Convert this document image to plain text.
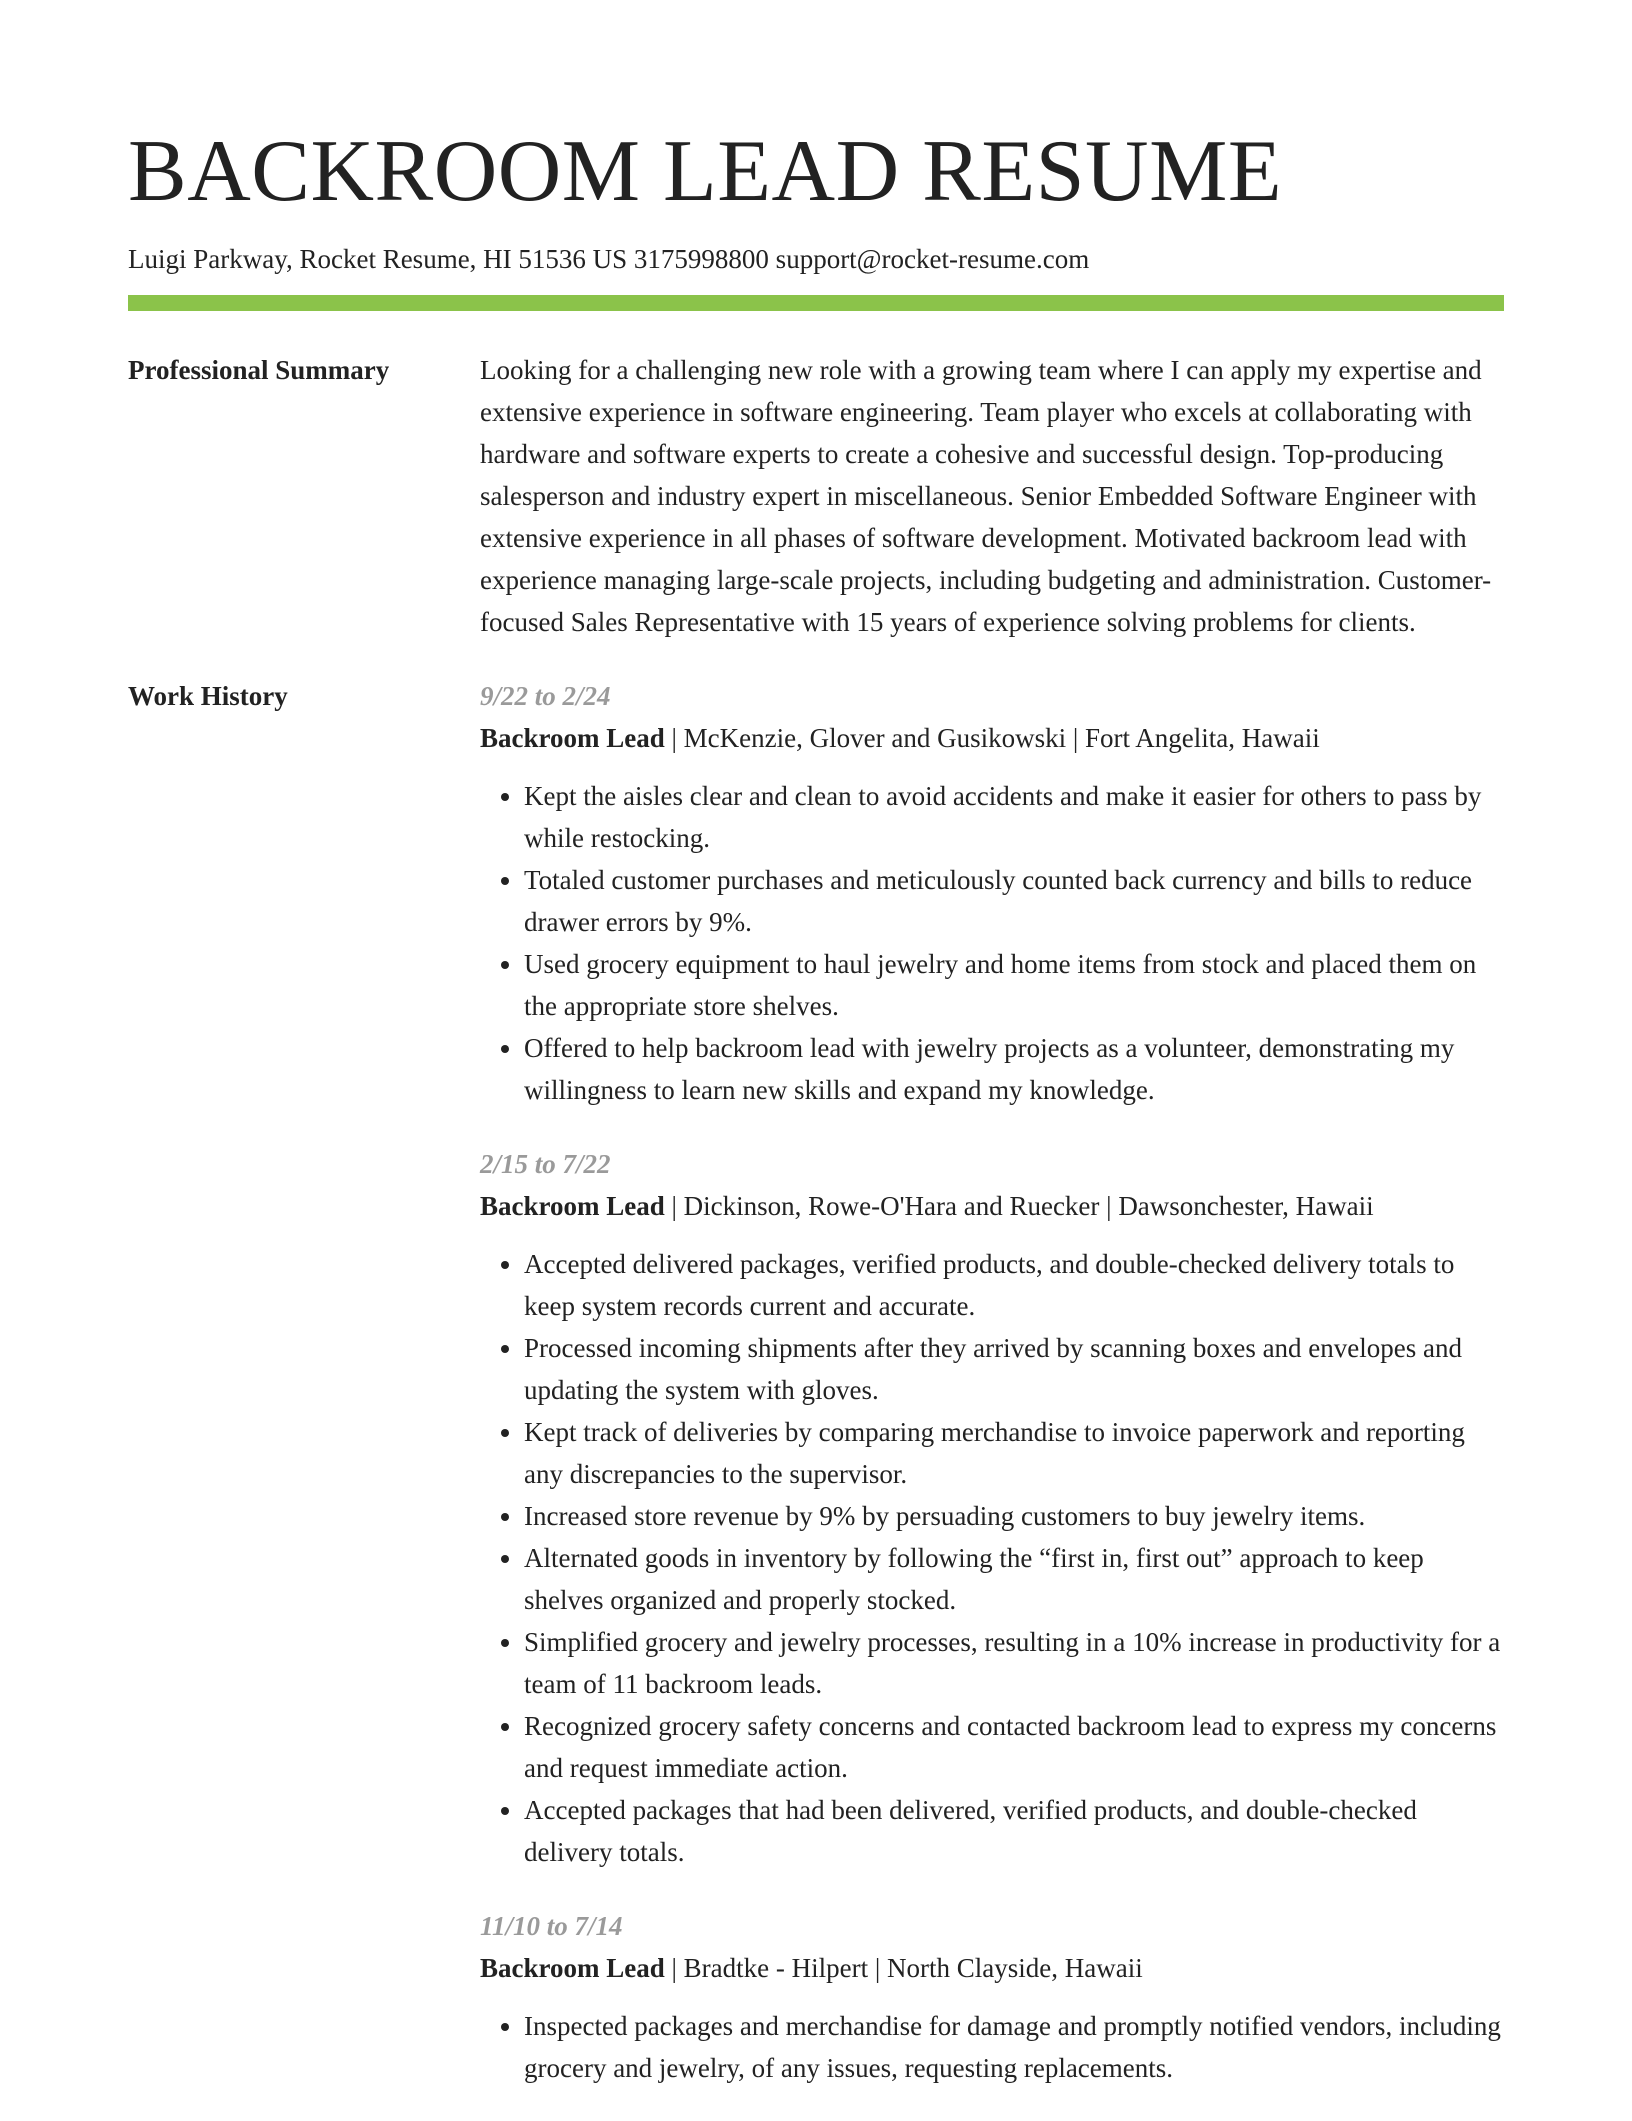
BACKROOM LEAD RESUME
Luigi Parkway, Rocket Resume, HI 51536 US 3175998800 support@rocket-resume.com
Professional Summary	Looking for a challenging new role with a growing team where I can apply my expertise and extensive experience in software engineering. Team player who excels at collaborating with hardware and software experts to create a cohesive and successful design. Top-producing salesperson and industry expert in miscellaneous. Senior Embedded Software Engineer with extensive experience in all phases of software development. Motivated backroom lead with experience managing large-scale projects, including budgeting and administration. Customer-focused Sales Representative with 15 years of experience solving problems for clients.
Work History	9/22 to 2/24
Backroom Lead | McKenzie, Glover and Gusikowski | Fort Angelita, Hawaii
• Kept the aisles clear and clean to avoid accidents and make it easier for others to pass by while restocking.
• Totaled customer purchases and meticulously counted back currency and bills to reduce drawer errors by 9%.
• Used grocery equipment to haul jewelry and home items from stock and placed them on the appropriate store shelves.
• Offered to help backroom lead with jewelry projects as a volunteer, demonstrating my willingness to learn new skills and expand my knowledge.
2/15 to 7/22
Backroom Lead | Dickinson, Rowe-O'Hara and Ruecker | Dawsonchester, Hawaii
• Accepted delivered packages, verified products, and double-checked delivery totals to keep system records current and accurate.
• Processed incoming shipments after they arrived by scanning boxes and envelopes and updating the system with gloves.
• Kept track of deliveries by comparing merchandise to invoice paperwork and reporting any discrepancies to the supervisor.
• Increased store revenue by 9% by persuading customers to buy jewelry items.
• Alternated goods in inventory by following the “first in, first out” approach to keep shelves organized and properly stocked.
• Simplified grocery and jewelry processes, resulting in a 10% increase in productivity for a team of 11 backroom leads.
• Recognized grocery safety concerns and contacted backroom lead to express my concerns and request immediate action.
• Accepted packages that had been delivered, verified products, and double-checked delivery totals.
11/10 to 7/14
Backroom Lead | Bradtke - Hilpert | North Clayside, Hawaii
• Inspected packages and merchandise for damage and promptly notified vendors, including grocery and jewelry, of any issues, requesting replacements.
